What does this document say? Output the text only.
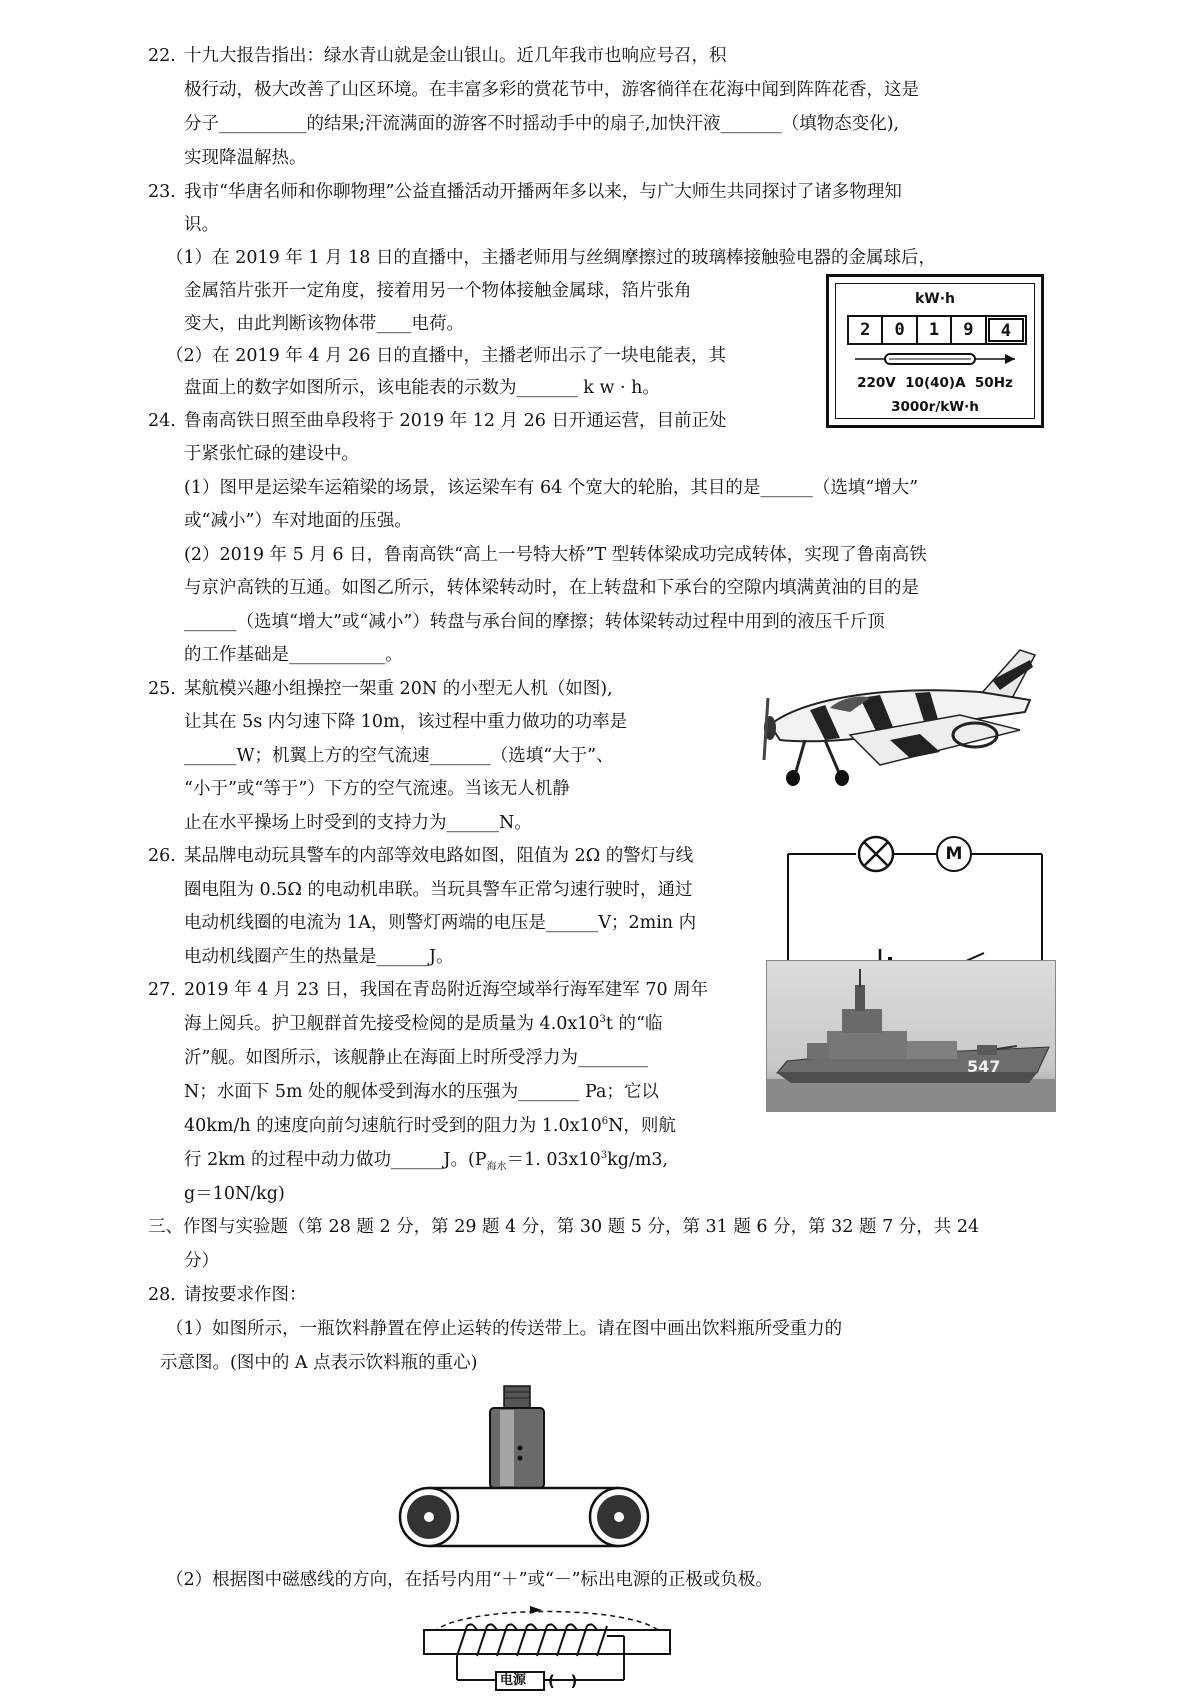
22. 十九大报告指出：绿水青山就是金山银山。近几年我市也响应号召，积
极行动，极大改善了山区环境。在丰富多彩的赏花节中，游客徜徉在花海中闻到阵阵花香，这是
分子__________的结果;汗流满面的游客不时摇动手中的扇子,加快汗液_______（填物态变化),
实现降温解热。
23. 我市“华唐名师和你聊物理”公益直播活动开播两年多以来，与广大师生共同探讨了诸多物理知
识。
（1）在 2019 年 1 月 18 日的直播中，主播老师用与丝绸摩擦过的玻璃棒接触验电器的金属球后，
金属箔片张开一定角度，接着用另一个物体接触金属球，箔片张角
变大，由此判断该物体带____电荷。
（2）在 2019 年 4 月 26 日的直播中，主播老师出示了一块电能表，其
盘面上的数字如图所示，该电能表的示数为_______ k w · h。
kW·h
2	0	1	9	4
220V  10(40)A  50Hz
3000r/kW·h
24. 鲁南高铁日照至曲阜段将于 2019 年 12 月 26 日开通运营，目前正处
于紧张忙碌的建设中。
(1）图甲是运梁车运箱梁的场景，该运梁车有 64 个宽大的轮胎，其目的是______（选填“增大”
或“减小”）车对地面的压强。
(2）2019 年 5 月 6 日，鲁南高铁“高上一号特大桥”T 型转体梁成功完成转体，实现了鲁南高铁
与京沪高铁的互通。如图乙所示，转体梁转动时，在上转盘和下承台的空隙内填满黄油的目的是
______（选填“增大”或“减小”）转盘与承台间的摩擦；转体梁转动过程中用到的液压千斤顶
的工作基础是___________。
25. 某航模兴趣小组操控一架重 20N 的小型无人机（如图),
让其在 5s 内匀速下降 10m，该过程中重力做功的功率是
______W；机翼上方的空气流速_______（选填“大于”、
“小于”或“等于”）下方的空气流速。当该无人机静
止在水平操场上时受到的支持力为______N。
26. 某品牌电动玩具警车的内部等效电路如图，阻值为 2Ω 的警灯与线
圈电阻为 0.5Ω 的电动机串联。当玩具警车正常匀速行驶时，通过
电动机线圈的电流为 1A，则警灯两端的电压是______V；2min 内
电动机线圈产生的热量是______J。
M
27. 2019 年 4 月 23 日，我国在青岛附近海空域举行海军建军 70 周年
海上阅兵。护卫舰群首先接受检阅的是质量为 $4.0x10^3t$ 的“临
沂”舰。如图所示，该舰静止在海面上时所受浮力为________
N；水面下 5m 处的舰体受到海水的压强为_______ Pa；它以
40km/h 的速度向前匀速航行时受到的阻力为 $1.0x10^6N$，则航
行 2km 的过程中动力做功______J。($P_{海水}=1$. $03x10^3kg/m3$,
g＝10N/kg)
547
三、作图与实验题（第 28 题 2 分，第 29 题 4 分，第 30 题 5 分，第 31 题 6 分，第 32 题 7 分，共 24
分）
28. 请按要求作图：
（1）如图所示，一瓶饮料静置在停止运转的传送带上。请在图中画出饮料瓶所受重力的
示意图。(图中的 A 点表示饮料瓶的重心)
（2）根据图中磁感线的方向，在括号内用“＋”或“－”标出电源的正极或负极。
电源 (   )
